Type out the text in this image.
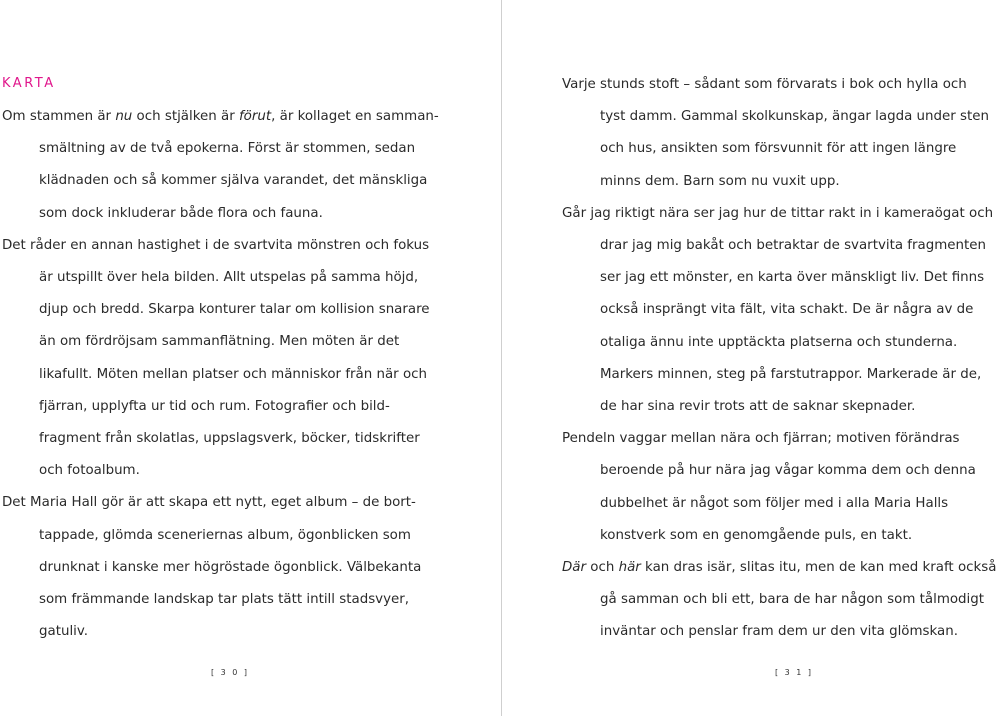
KARTA
Om stammen är nu och stjälken är förut, är kollaget en samman-
smältning av de två epokerna. Först är stommen, sedan
klädnaden och så kommer själva varandet, det mänskliga
som dock inkluderar både flora och fauna.
Det råder en annan hastighet i de svartvita mönstren och fokus
är utspillt över hela bilden. Allt utspelas på samma höjd,
djup och bredd. Skarpa konturer talar om kollision snarare
än om fördröjsam sammanflätning. Men möten är det
likafullt. Möten mellan platser och människor från när och
fjärran, upplyfta ur tid och rum. Fotografier och bild-
fragment från skolatlas, uppslagsverk, böcker, tidskrifter
och fotoalbum.
Det Maria Hall gör är att skapa ett nytt, eget album – de bort-
tappade, glömda sceneriernas album, ögonblicken som
drunknat i kanske mer högröstade ögonblick. Välbekanta
som främmande landskap tar plats tätt intill stadsvyer,
gatuliv.
[ 3 0 ]
Varje stunds stoft – sådant som förvarats i bok och hylla och
tyst damm. Gammal skolkunskap, ängar lagda under sten
och hus, ansikten som försvunnit för att ingen längre
minns dem. Barn som nu vuxit upp.
Går jag riktigt nära ser jag hur de tittar rakt in i kameraögat och
drar jag mig bakåt och betraktar de svartvita fragmenten
ser jag ett mönster, en karta över mänskligt liv. Det finns
också insprängt vita fält, vita schakt. De är några av de
otaliga ännu inte upptäckta platserna och stunderna.
Markers minnen, steg på farstutrappor. Markerade är de,
de har sina revir trots att de saknar skepnader.
Pendeln vaggar mellan nära och fjärran; motiven förändras
beroende på hur nära jag vågar komma dem och denna
dubbelhet är något som följer med i alla Maria Halls
konstverk som en genomgående puls, en takt.
Där och här kan dras isär, slitas itu, men de kan med kraft också
gå samman och bli ett, bara de har någon som tålmodigt
inväntar och penslar fram dem ur den vita glömskan.
[ 3 1 ]
